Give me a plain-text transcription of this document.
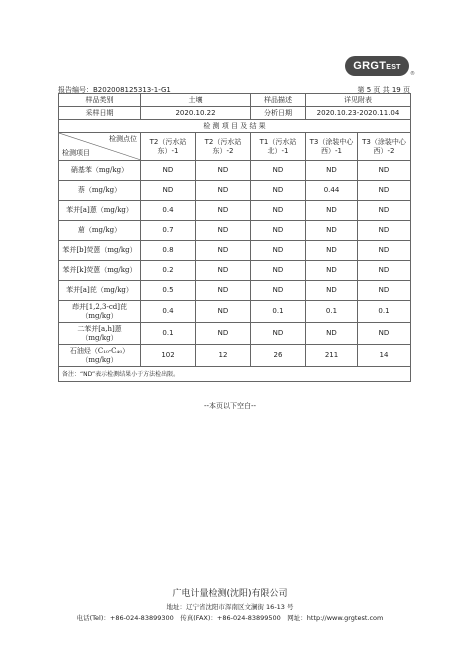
GRGTEST
®
报告编号：B202008125313-1-G1	第 5 页 共 19 页
样品类别	土壤		样品描述	详见附表	
采样日期	2020.10.22		分析日期	2020.10.23-2020.11.04	
检 测 项 目 及 结 果					

检测点位
检测项目	T2（污水站
东）-1	T2（污水站
东）-2	T1（污水站
北）-1	T3（涂装中心
西）-1	T3（涂装中心
西）-2
硝基苯（mg/kg）	ND	ND	ND	ND	ND
萘（mg/kg）	ND	ND	ND	0.44	ND
苯并[a]蒽（mg/kg）	0.4	ND	ND	ND	ND
䓛（mg/kg）	0.7	ND	ND	ND	ND
苯并[b]荧蒽（mg/kg）	0.8	ND	ND	ND	ND
苯并[k]荧蒽（mg/kg）	0.2	ND	ND	ND	ND
苯并[a]芘（mg/kg）	0.5	ND	ND	ND	ND
茚并[1,2,3-cd]芘
（mg/kg）	0.4	ND	0.1	0.1	0.1
二苯并[a,h]蒽
（mg/kg）	0.1	ND	ND	ND	ND
石油烃（C₁₀-C₄₀）
（mg/kg）	102	12	26	211	14
备注：“ND”表示检测结果小于方法检出限。					
--本页以下空白--
广电计量检测(沈阳)有限公司
地址：辽宁省沈阳市浑南区文澜街 16-13 号
电话(Tel)：+86-024-83899300　传真(FAX)：+86-024-83899500　网址：http://www.grgtest.com
